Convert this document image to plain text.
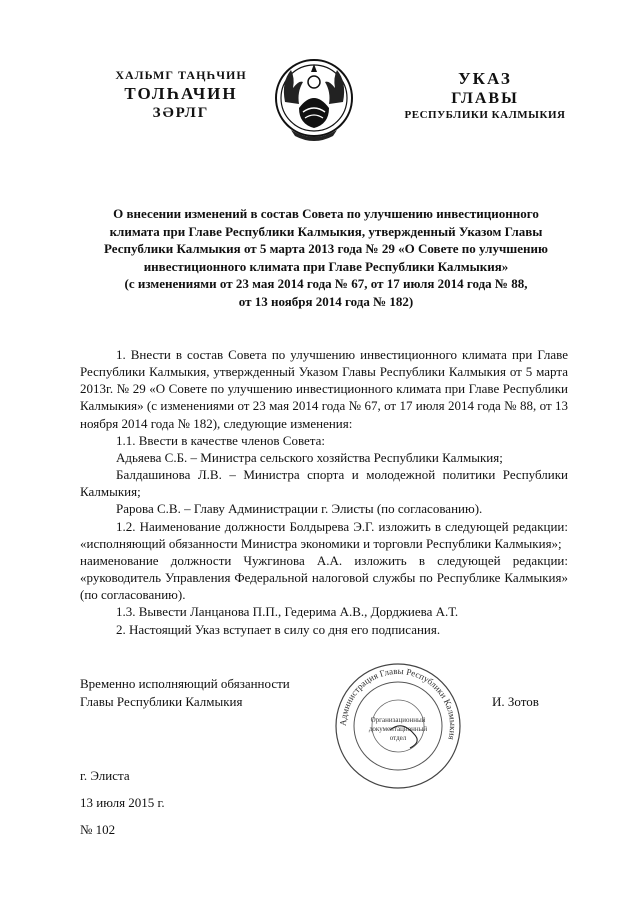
ХАЛЬМГ ТАҢҺЧИН
ТОЛҺАЧИН
ЗӘРЛГ
УКАЗ
ГЛАВЫ
РЕСПУБЛИКИ КАЛМЫКИЯ
О внесении изменений в состав Совета по улучшению инвестиционного
климата при Главе Республики Калмыкия, утвержденный Указом Главы
Республики Калмыкия от 5 марта 2013 года № 29 «О Совете по улучшению
инвестиционного климата при Главе Республики Калмыкия»
(с изменениями от 23 мая 2014 года № 67, от 17 июля 2014 года № 88,
от 13 ноября 2014 года № 182)

1. Внести в состав Совета по улучшению инвестиционного климата при Главе Республики Калмыкия, утвержденный Указом Главы Республики Калмыкия от 5 марта 2013г. № 29 «О Совете по улучшению инвестиционного климата при Главе Республики Калмыкия» (с изменениями от 23 мая 2014 года № 67, от 17 июля 2014 года № 88, от 13 ноября 2014 года № 182), следующие изменения:

1.1. Ввести в качестве членов Совета:

Адьяева С.Б. – Министра сельского хозяйства Республики Калмыкия;

Балдашинова Л.В. – Министра спорта и молодежной политики Республики Калмыкия;

Рарова С.В. – Главу Администрации г. Элисты (по согласованию).

1.2. Наименование должности Болдырева Э.Г. изложить в следующей редакции: «исполняющий обязанности Министра экономики и торговли Республики Калмыкия»;

наименование должности Чужгинова А.А. изложить в следующей редакции: «руководитель Управления Федеральной налоговой службы по Республике Калмыкия» (по согласованию).

1.3. Вывести Ланцанова П.П., Гедерима А.В., Дорджиева А.Т.

2. Настоящий Указ вступает в силу со дня его подписания.

Временно исполняющий обязанности
Главы Республики Калмыкия
Администрация Главы Республики Калмыкия
Организационный
документационный
отдел
И. Зотов
г. Элиста
13 июля 2015 г.
№ 102
